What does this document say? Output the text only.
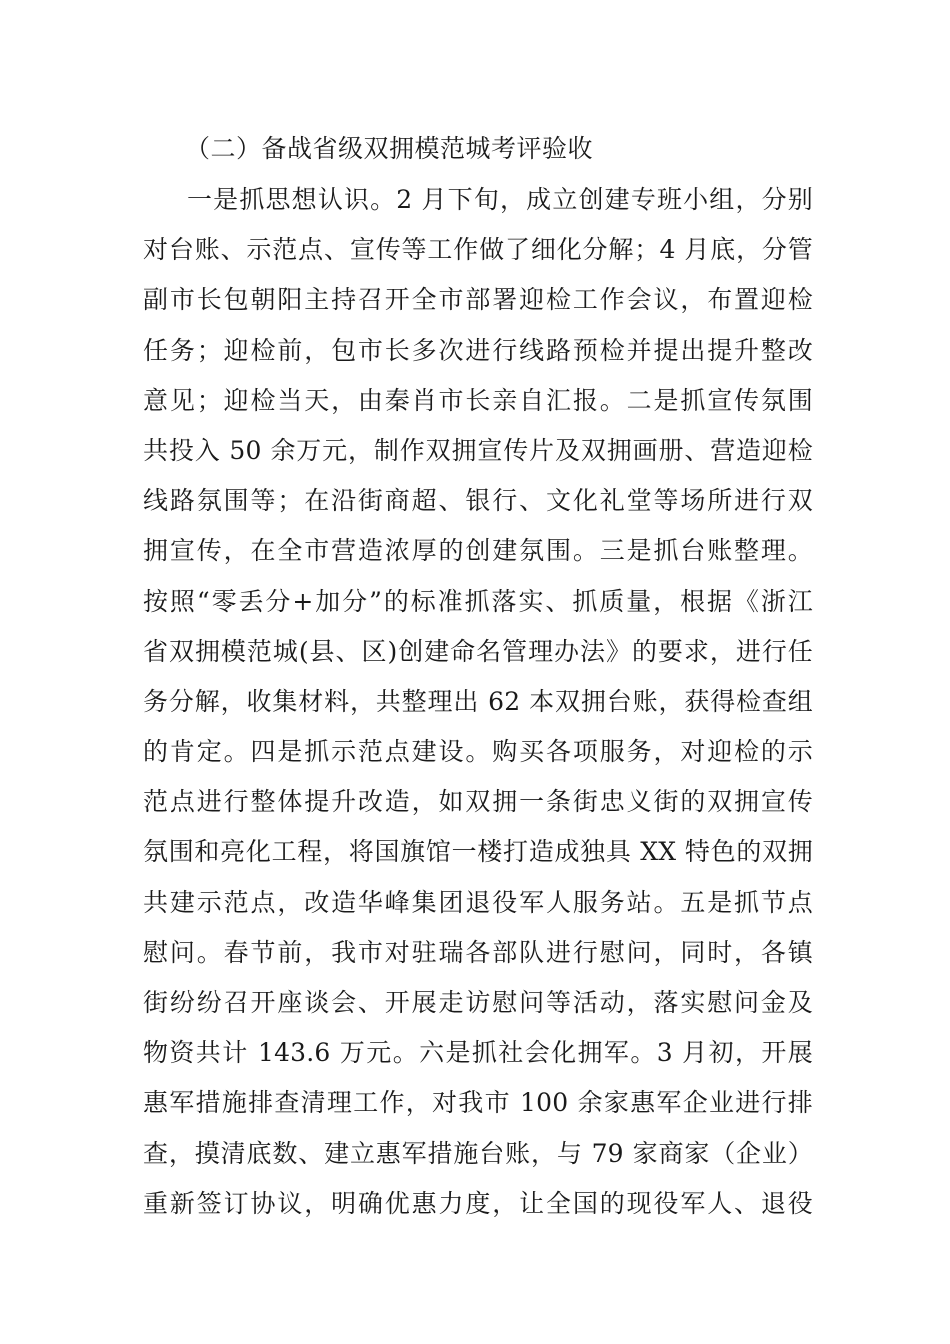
（二）备战省级双拥模范城考评验收
一是抓思想认识。2 月下旬，成立创建专班小组，分别
对台账、示范点、宣传等工作做了细化分解；4 月底，分管
副市长包朝阳主持召开全市部署迎检工作会议，布置迎检
任务；迎检前，包市长多次进行线路预检并提出提升整改
意见；迎检当天，由秦肖市长亲自汇报。二是抓宣传氛围
共投入 50 余万元，制作双拥宣传片及双拥画册、营造迎检
线路氛围等；在沿街商超、银行、文化礼堂等场所进行双
拥宣传，在全市营造浓厚的创建氛围。三是抓台账整理。
按照“零丢分+加分”的标准抓落实、抓质量，根据《浙江
省双拥模范城(县、区)创建命名管理办法》的要求，进行任
务分解，收集材料，共整理出 62 本双拥台账，获得检查组
的肯定。四是抓示范点建设。购买各项服务，对迎检的示
范点进行整体提升改造，如双拥一条街忠义街的双拥宣传
氛围和亮化工程，将国旗馆一楼打造成独具 XX 特色的双拥
共建示范点，改造华峰集团退役军人服务站。五是抓节点
慰问。春节前，我市对驻瑞各部队进行慰问，同时，各镇
街纷纷召开座谈会、开展走访慰问等活动，落实慰问金及
物资共计 143.6 万元。六是抓社会化拥军。3 月初，开展
惠军措施排查清理工作，对我市 100 余家惠军企业进行排
查，摸清底数、建立惠军措施台账，与 79 家商家（企业）
重新签订协议，明确优惠力度，让全国的现役军人、退役
